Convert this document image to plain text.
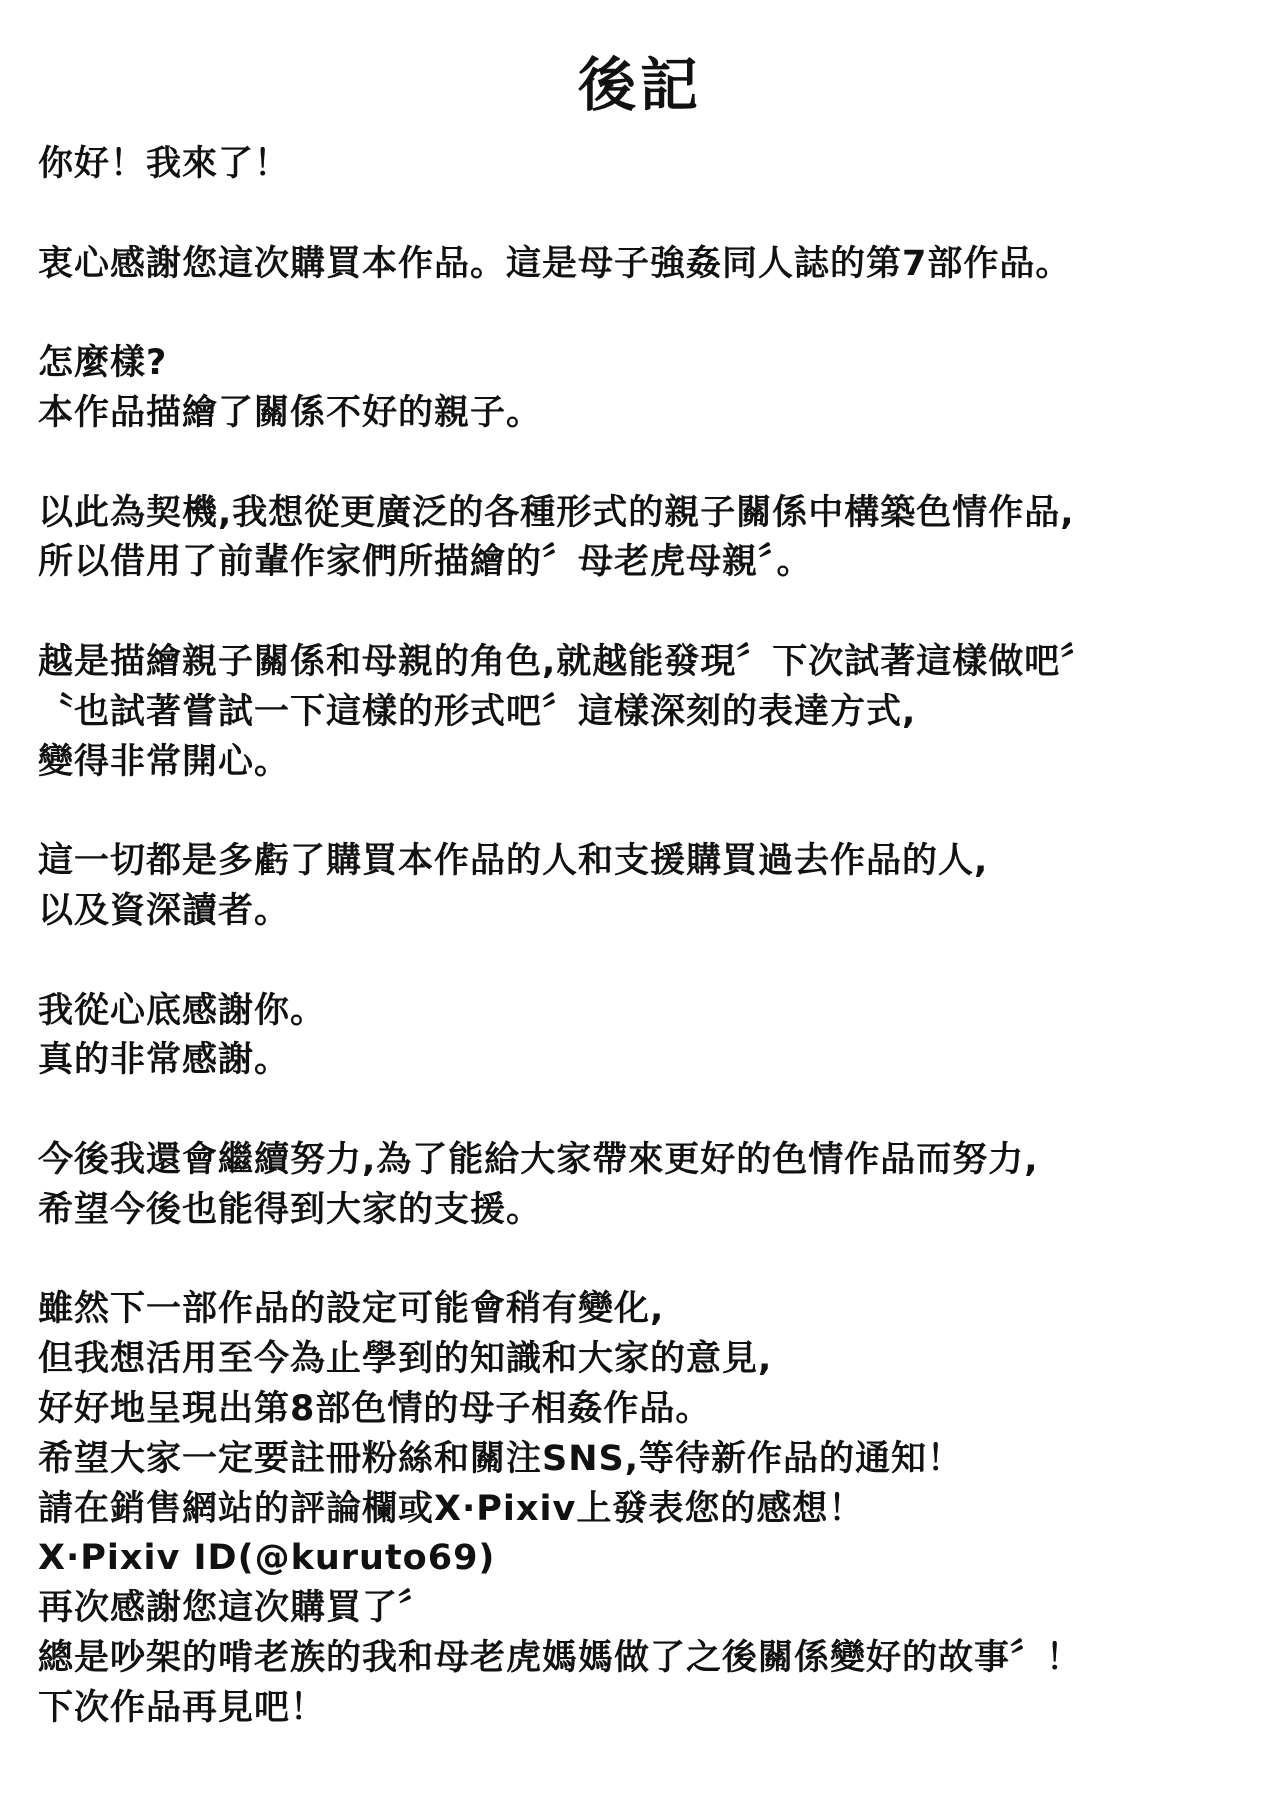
後記
你好！我來了！
衷心感謝您這次購買本作品。這是母子強姦同人誌的第7部作品。
怎麼樣?
本作品描繪了關係不好的親子。
以此為契機,我想從更廣泛的各種形式的親子關係中構築色情作品,
所以借用了前輩作家們所描繪的〞母老虎母親〞。
越是描繪親子關係和母親的角色,就越能發現〞下次試著這樣做吧〞
〝也試著嘗試一下這樣的形式吧〞這樣深刻的表達方式,
變得非常開心。
這一切都是多虧了購買本作品的人和支援購買過去作品的人,
以及資深讀者。
我從心底感謝你。
真的非常感謝。
今後我還會繼續努力,為了能給大家帶來更好的色情作品而努力,
希望今後也能得到大家的支援。
雖然下一部作品的設定可能會稍有變化,
但我想活用至今為止學到的知識和大家的意見,
好好地呈現出第8部色情的母子相姦作品。
希望大家一定要註冊粉絲和關注SNS,等待新作品的通知！
請在銷售網站的評論欄或X·Pixiv上發表您的感想！
X·Pixiv ID(@kuruto69)
再次感謝您這次購買了〞
總是吵架的啃老族的我和母老虎媽媽做了之後關係變好的故事〞！
下次作品再見吧！
